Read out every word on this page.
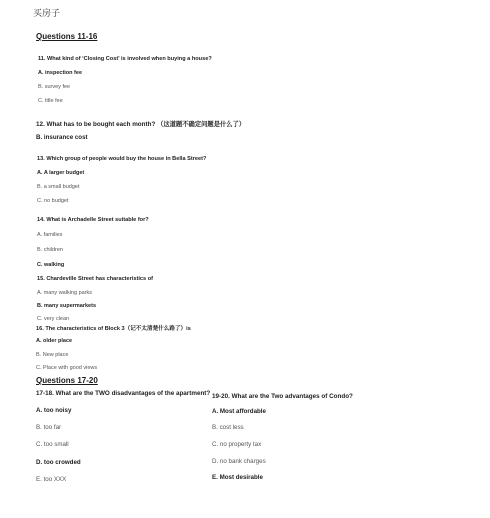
买房子
Questions 11-16
11. What kind of ‘Closing Cost’ is involved when buying a house?
A. inspection fee
B. survey fee
C. title fee
12. What has to be bought each month? （这道题不确定问题是什么了）
B. insurance cost
13. Which group of people would buy the house in Bella Street?
A. A larger budget
B. a small budget
C. no budget
14. What is Archadelle Street suitable for?
A. families
B. children
C. walking
15. Chardeville Street has characteristics of
A. many walking parks
B. many supermarkets
C. very clean
16. The characteristics of Block 3（记不太清楚什么路了）is
A. older place
B. New place
C. Place with good views
Questions 17-20
17-18. What are the TWO disadvantages of the apartment?
A. too noisy
B. too far
C. too small
D. too crowded
E. too XXX
19-20. What are the Two advantages of Condo?
A. Most affordable
B. cost less
C. no property tax
D. no bank charges
E. Most desirable
